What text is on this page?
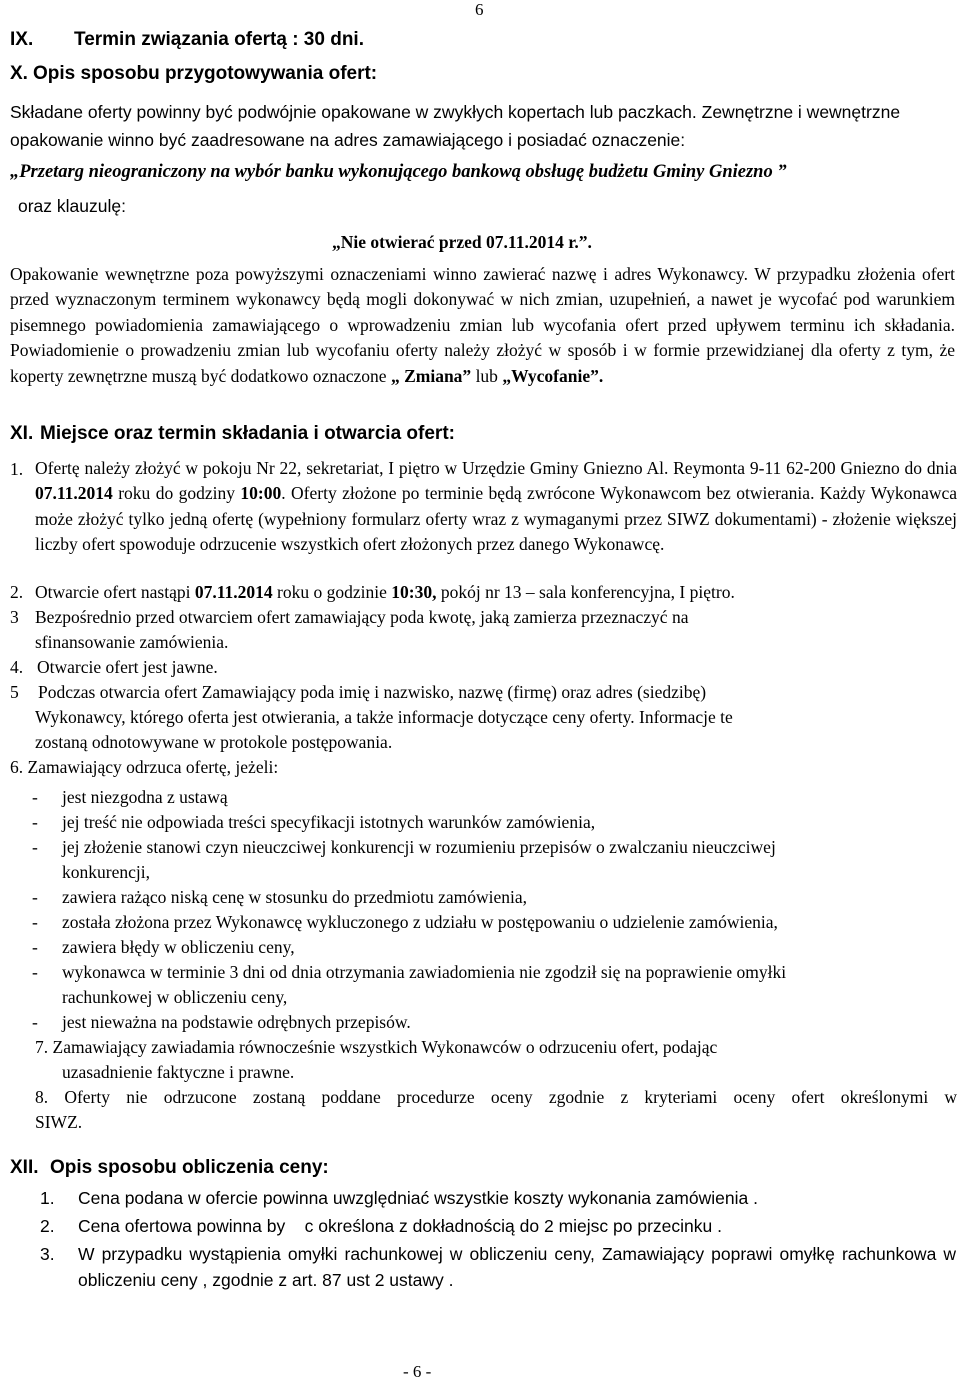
6
IX. Termin związania ofertą : 30 dni.
X. Opis sposobu przygotowywania ofert:
Składane oferty powinny być podwójnie opakowane w zwykłych kopertach lub paczkach. Zewnętrzne i wewnętrzne
opakowanie winno być zaadresowane na adres zamawiającego i posiadać oznaczenie:
„Przetarg nieograniczony na wybór banku wykonującego bankową obsługę budżetu Gminy Gniezno ”
oraz klauzulę:
„Nie otwierać przed 07.11.2014 r.”.
Opakowanie wewnętrzne poza powyższymi oznaczeniami winno zawierać nazwę i adres Wykonawcy. W przypadku złożenia ofert przed wyznaczonym terminem wykonawcy będą mogli dokonywać w nich zmian, uzupełnień, a nawet je wycofać pod warunkiem pisemnego powiadomienia zamawiającego o wprowadzeniu zmian lub wycofania ofert przed upływem terminu ich składania. Powiadomienie o prowadzeniu zmian lub wycofaniu oferty należy złożyć w sposób i w formie przewidzianej dla oferty z tym, że koperty zewnętrzne muszą być dodatkowo oznaczone „ Zmiana” lub „Wycofanie”.
XI. Miejsce oraz termin składania i otwarcia ofert:
1. Ofertę należy złożyć w pokoju Nr 22, sekretariat, I piętro w Urzędzie Gminy Gniezno Al. Reymonta 9-11 62-200 Gniezno do dnia 07.11.2014 roku do godziny 10:00. Oferty złożone po terminie będą zwrócone Wykonawcom bez otwierania. Każdy Wykonawca może złożyć tylko jedną ofertę (wypełniony formularz oferty wraz z wymaganymi przez SIWZ dokumentami) - złożenie większej liczby ofert spowoduje odrzucenie wszystkich ofert złożonych przez danego Wykonawcę.
2. Otwarcie ofert nastąpi 07.11.2014 roku o godzinie 10:30, pokój nr 13 – sala konferencyjna, I piętro.
3 Bezpośrednio przed otwarciem ofert zamawiający poda kwotę, jaką zamierza przeznaczyć na
sfinansowanie zamówienia.
4. Otwarcie ofert jest jawne.
5 Podczas otwarcia ofert Zamawiający poda imię i nazwisko, nazwę (firmę) oraz adres (siedzibę)
Wykonawcy, którego oferta jest otwierania, a także informacje dotyczące ceny oferty. Informacje te
zostaną odnotowywane w protokole postępowania.
6. Zamawiający odrzuca ofertę, jeżeli:
- jest niezgodna z ustawą
- jej treść nie odpowiada treści specyfikacji istotnych warunków zamówienia,
- jej złożenie stanowi czyn nieuczciwej konkurencji w rozumieniu przepisów o zwalczaniu nieuczciwej
konkurencji,
- zawiera rażąco niską cenę w stosunku do przedmiotu zamówienia,
- została złożona przez Wykonawcę wykluczonego z udziału w postępowaniu o udzielenie zamówienia,
- zawiera błędy w obliczeniu ceny,
- wykonawca w terminie 3 dni od dnia otrzymania zawiadomienia nie zgodził się na poprawienie omyłki
rachunkowej w obliczeniu ceny,
- jest nieważna na podstawie odrębnych przepisów.
7. Zamawiający zawiadamia równocześnie wszystkich Wykonawców o odrzuceniu ofert, podając
uzasadnienie faktyczne i prawne.
8. Oferty nie odrzucone zostaną poddane procedurze oceny zgodnie z kryteriami oceny ofert określonymi w
SIWZ.
XII. Opis sposobu obliczenia ceny:
1. Cena podana w ofercie powinna uwzględniać wszystkie koszty wykonania zamówienia .
2. Cena ofertowa powinna by    c określona z dokładnością do 2 miejsc po przecinku .
3. W przypadku wystąpienia omyłki rachunkowej w obliczeniu ceny, Zamawiający poprawi omyłkę rachunkowa w obliczeniu ceny , zgodnie z art. 87 ust 2 ustawy .
- 6 -
